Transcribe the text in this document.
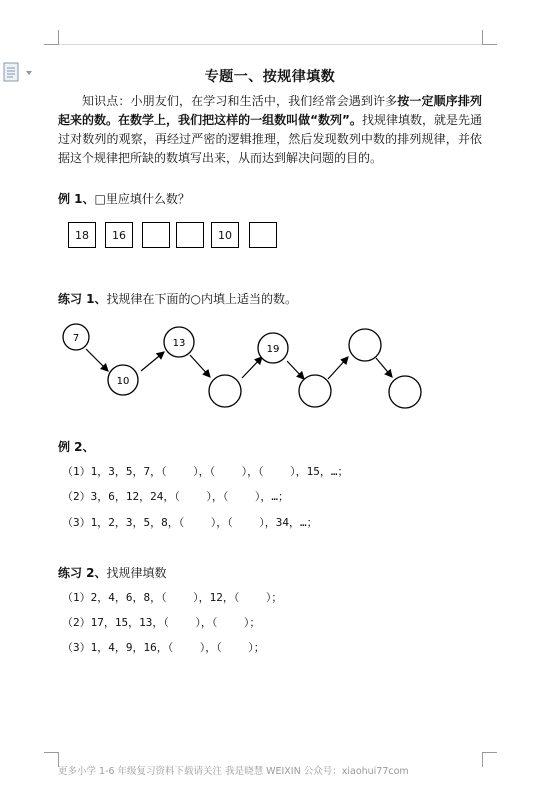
专题一、按规律填数
知识点：小朋友们，在学习和生活中，我们经常会遇到许多按一定顺序排列起来的数。在数学上，我们把这样的一组数叫做“数列”。找规律填数，就是先通过对数列的观察，再经过严密的逻辑推理，然后发现数列中数的排列规律，并依据这个规律把所缺的数填写出来，从而达到解决问题的目的。
例 1、□里应填什么数？
18	16	10
练习 1、找规律在下面的○内填上适当的数。
7
10
13
19
例 2、
（1）1，3，5，7，（    ），（    ），（    ），15，…；
（2）3，6，12，24，（    ），（    ），…；
（3）1，2，3，5，8，（    ），（    ），34，…；
练习 2、找规律填数
（1）2，4，6，8，（    ），12，（    ）；
（2）17，15，13，（    ），（    ）；
（3）1，4，9，16，（    ），（    ）；
更多小学 1-6 年级复习资料下载请关注 我是晓慧 WEIXIN 公众号：xiaohui77com
